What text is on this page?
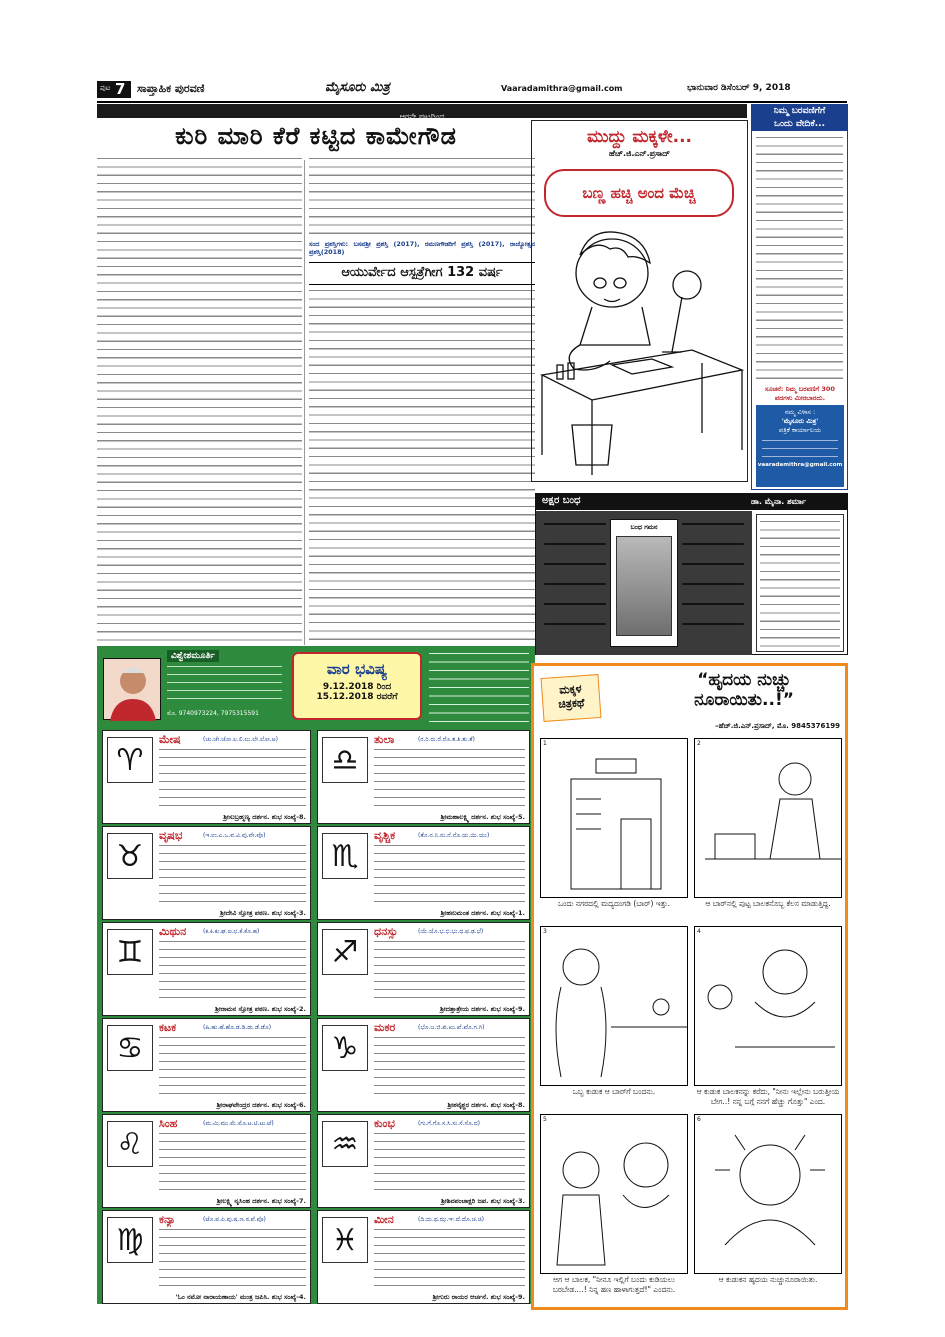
ಪುಟ 7 ಸಾಪ್ತಾಹಿಕ ಪುರವಣಿ	ಮೈಸೂರು ಮಿತ್ರ	Vaaradamithra@gmail.com	ಭಾನುವಾರ ಡಿಸೆಂಬರ್ 9, 2018
ಆರನೇ ಪುಟದಿಂದ
ಕುರಿ ಮಾರಿ ಕೆರೆ ಕಟ್ಟಿದ ಕಾಮೇಗೌಡ
ಸಂದ ಪ್ರಶಸ್ತಿಗಳು: ಬಸವಶ್ರೀ ಪ್ರಶಸ್ತಿ (2017), ರಮಣಗೌಡರಿಗೆ ಪ್ರಶಸ್ತಿ (2017), ರಾಜ್ಯೋತ್ಸವ ಪ್ರಶಸ್ತಿ(2018)
ಆಯುರ್ವೇದ ಆಸ್ಪತ್ರೆಗೀಗ 132 ವರ್ಷ
ಮುದ್ದು ಮಕ್ಕಳೇ...
ಹೆಚ್.ಜಿ.ಎನ್.ಪ್ರಸಾದ್
ಬಣ್ಣ ಹಚ್ಚಿ ಅಂದ ಮೆಚ್ಚಿ
ನಿಮ್ಮ ಬರವಣಿಗೆಗೆ
ಒಂದು ವೇದಿಕೆ...
ಸೂಚನೆ: ನಿಮ್ಮ ಬರವಣಿಗೆ 300
ಪದಗಳು ಮೀರಬಾರದು.
ನಮ್ಮ ವಿಳಾಸ :
'ಮೈಸೂರು ಮಿತ್ರ'
ಪತ್ರಿಕೆ ಕಾರ್ಯಾಲಯ
vaaradamithra@gmail.com
ಅಕ್ಷರ ಬಂಧ	ಡಾ. ಮೈನಾ. ಶರ್ಮಾ
ಬಂಧ ಗಮನ
ವಿಶ್ವೇಶಮೂರ್ತಿ
ಮೊ. 9740973224, 7975315591
ವಾರ ಭವಿಷ್ಯ
9.12.2018 ರಿಂದ
15.12.2018 ರವರೆಗೆ
♈
ಮೇಷ	(ಚು.ಚೇ.ಚೋ.ಲ.ಲಿ.ಲು.ಲೇ.ಲೋ.ಅ)
ಶ್ರೀಸುಬ್ರಹ್ಮಣ್ಯ ದರ್ಶನ. ಶುಭ ಸಂಖ್ಯೆ-8.
♉
ವೃಷಭ	(ಇ.ಉ.ಎ.ಒ.ವ.ವಿ.ವು.ವೇ.ವೊ)
ಶ್ರೀದೇವಿ ಸ್ತೋತ್ರ ಪಠಣ. ಶುಭ ಸಂಖ್ಯೆ-3.
♊
ಮಿಥುನ	(ಕ.ಕಿ.ಕು.ಘ.ಙ.ಛ.ಕೆ.ಕೊ.ಹ)
ಶ್ರೀರಾಮನ ಸ್ತೋತ್ರ ಪಠಣ. ಶುಭ ಸಂಖ್ಯೆ-2.
♋
ಕಟಕ	(ಹಿ.ಹು.ಹೆ.ಹೊ.ಡ.ಡಿ.ಡು.ಡೆ.ಡೊ)
ಶ್ರೀರಾಘವೇಂದ್ರರ ದರ್ಶನ. ಶುಭ ಸಂಖ್ಯೆ-6.
♌
ಸಿಂಹ	(ಮ.ಮಿ.ಮು.ಮೆ.ಮೊ.ಟ.ಟಿ.ಟು.ಟೆ)
ಶ್ರೀಲಕ್ಷ್ಮಿ ನೃಸಿಂಹ ದರ್ಶನ. ಶುಭ ಸಂಖ್ಯೆ-7.
♍
ಕನ್ಯಾ	(ಟೊ.ಪ.ಪಿ.ಪು.ಷ.ಣ.ಠ.ಪೆ.ಪೊ)
'ಓಂ ನಮೋ ನಾರಾಯಣಾಯ' ಮಂತ್ರ ಜಪಿಸಿ. ಶುಭ ಸಂಖ್ಯೆ-4.
♎
ತುಲಾ	(ರ.ರಿ.ರು.ರೆ.ರೊ.ತ.ತಿ.ತು.ತೆ)
ಶ್ರೀಮಹಾಲಕ್ಷ್ಮಿ ದರ್ಶನ. ಶುಭ ಸಂಖ್ಯೆ-5.
♏
ವೃಶ್ಚಿಕ	(ತೊ.ನ.ನಿ.ನು.ನೆ.ನೊ.ಯ.ಯಿ.ಯು)
ಶ್ರೀಹನುಮಂತ ದರ್ಶನ. ಶುಭ ಸಂಖ್ಯೆ-1.
♐
ಧನಸ್ಸು	(ಯೆ.ಯೊ.ಭ.ಭಿ.ಭು.ಧ.ಫ.ಢ.ಭೆ)
ಶ್ರೀದತ್ತಾತ್ರೇಯ ದರ್ಶನ. ಶುಭ ಸಂಖ್ಯೆ-9.
♑
ಮಕರ	(ಭೊ.ಜ.ಜಿ.ಖಿ.ಖು.ಖೆ.ಖೊ.ಗ.ಗಿ)
ಶ್ರೀಶನೈಶ್ಚರ ದರ್ಶನ. ಶುಭ ಸಂಖ್ಯೆ-8.
♒
ಕುಂಭ	(ಗು.ಗೆ.ಗೊ.ಸ.ಸಿ.ಸು.ಸೆ.ಸೊ.ದ)
ಶ್ರೀಶಿವಪಂಚಾಕ್ಷರಿ ಜಪ. ಶುಭ ಸಂಖ್ಯೆ-3.
♓
ಮೀನ	(ದಿ.ದು.ಥ.ಝ.ಞ.ದೆ.ದೊ.ಚ.ಚಿ)
ಶ್ರೀಗುರು ರಾಯರ ಆರ್ಚನೆ. ಶುಭ ಸಂಖ್ಯೆ-9.
ಮಕ್ಕಳ
ಚಿತ್ರಕಥೆ
“ಹೃದಯ ನುಚ್ಚು
ನೂರಾಯಿತು..!”
–ಹೆಚ್.ಜಿ.ಎನ್.ಪ್ರಸಾದ್, ಮೊ. 9845376199
1
ಒಂದು ನಗರದಲ್ಲಿ ಮದ್ಯದಂಗಡಿ (ಬಾರ್) ಇತ್ತು.
2
ಆ ಬಾರ್‌ನಲ್ಲಿ ಪುಟ್ಟ ಬಾಲಕನೊಬ್ಬ ಕೆಲಸ ಮಾಡುತ್ತಿದ್ದ.
3
ಒಬ್ಬ ಕುಡುಕ ಆ ಬಾರ್‌ಗೆ ಬಂದನು.
4
ಆ ಕುಡುಕ ಬಾಲಕನನ್ನು ಕರೆದು, "ನೀನು ಇಲ್ಲೇನು ಬರುತ್ತೀಯ ಬೇಗ..! ನನ್ನ ಬಗ್ಗೆ ನನಗೆ ಹೆಚ್ಚು ಗೊತ್ತು" ಎಂದ.
5
ಆಗ ಆ ಬಾಲಕ, "ನೀನೂ ಇಲ್ಲಿಗೆ ಬಂದು ಕುಡಿಯಲು ಬರಬೇಡ....! ನಿನ್ನ ಹಣ ಹಾಳಾಗುತ್ತದೆ!" ಎಂದನು.
6
ಆ ಕುಡುಕನ ಹೃದಯ ನುಚ್ಚುನೂರಾಯಿತು.
